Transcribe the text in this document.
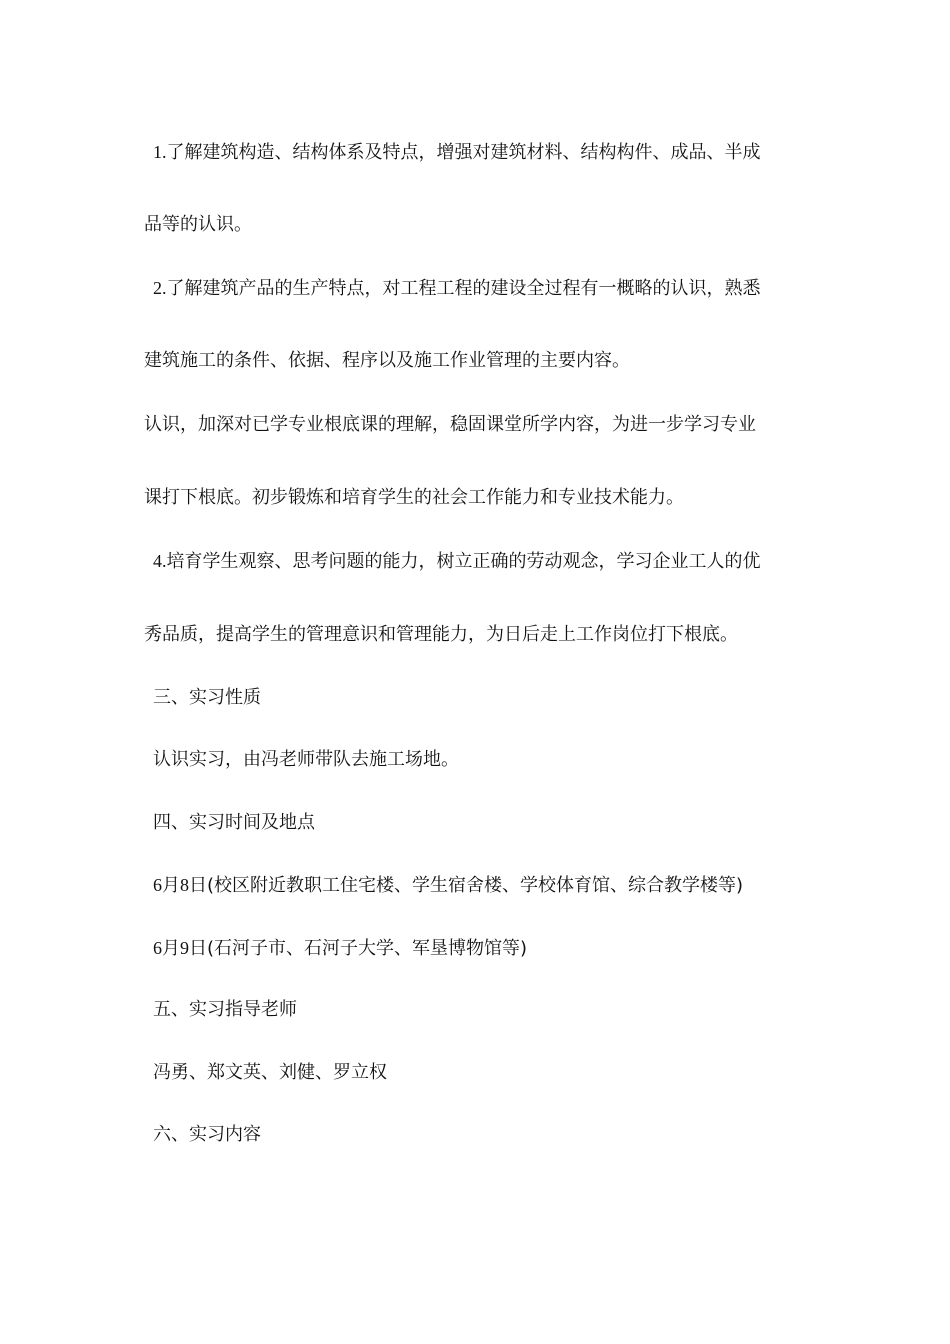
1.了解建筑构造、结构体系及特点，增强对建筑材料、结构构件、成品、半成

品等的认识。

2.了解建筑产品的生产特点，对工程工程的建设全过程有一概略的认识，熟悉

建筑施工的条件、依据、程序以及施工作业管理的主要内容。

认识，加深对已学专业根底课的理解，稳固课堂所学内容，为进一步学习专业

课打下根底。初步锻炼和培育学生的社会工作能力和专业技术能力。

4.培育学生观察、思考问题的能力，树立正确的劳动观念，学习企业工人的优

秀品质，提高学生的管理意识和管理能力，为日后走上工作岗位打下根底。

三、实习性质

认识实习，由冯老师带队去施工场地。

四、实习时间及地点

6月8日(校区附近教职工住宅楼、学生宿舍楼、学校体育馆、综合教学楼等)

6月9日(石河子市、石河子大学、军垦博物馆等)

五、实习指导老师

冯勇、郑文英、刘健、罗立权

六、实习内容
